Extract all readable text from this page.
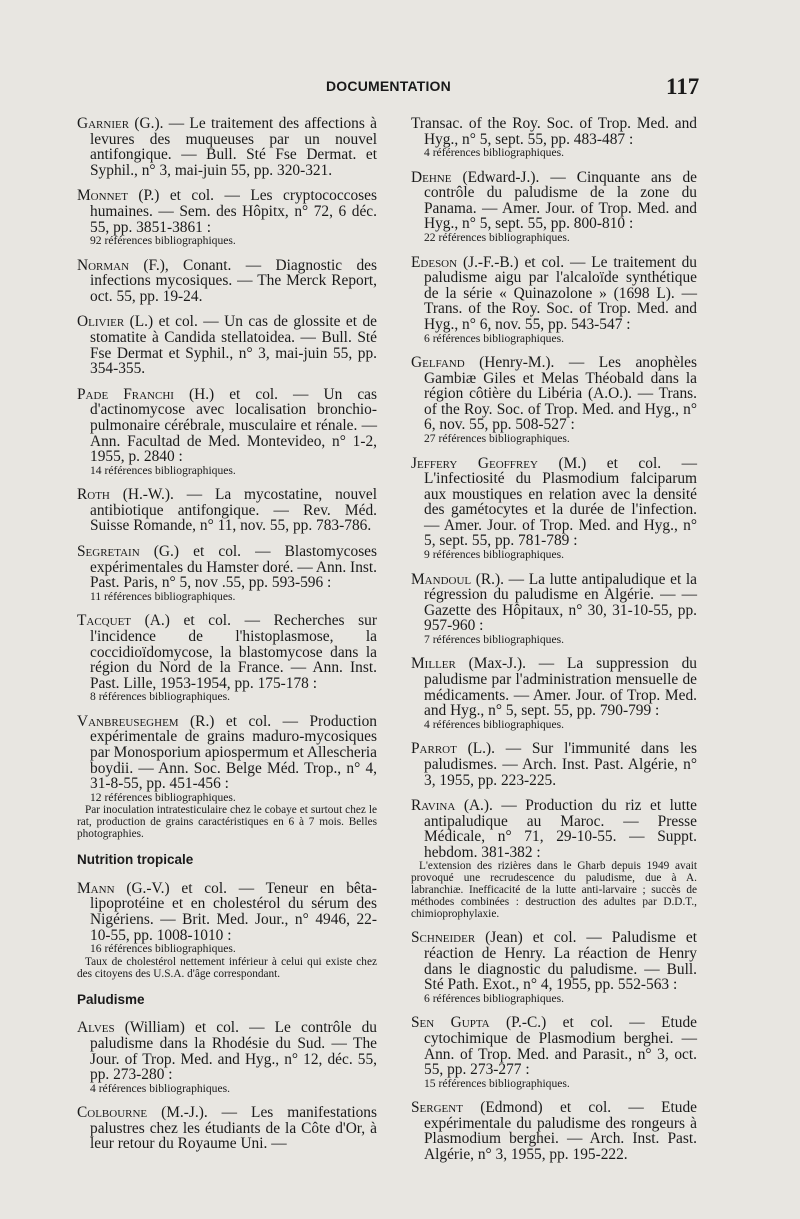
DOCUMENTATION	117
Garnier (G.). — Le traitement des affections à levures des muqueuses par un nouvel antifongique. — Bull. Sté Fse Dermat. et Syphil., n° 3, mai-juin 55, pp. 320-321.
Monnet (P.) et col. — Les cryptococcoses humaines. — Sem. des Hôpitx, n° 72, 6 déc. 55, pp. 3851-3861 :
92 références bibliographiques.
Norman (F.), Conant. — Diagnostic des infections mycosiques. — The Merck Report, oct. 55, pp. 19-24.
Olivier (L.) et col. — Un cas de glossite et de stomatite à Candida stellatoidea. — Bull. Sté Fse Dermat et Syphil., n° 3, mai-juin 55, pp. 354-355.
Pade Franchi (H.) et col. — Un cas d'actinomycose avec localisation bronchio-pulmonaire cérébrale, musculaire et rénale. — Ann. Facultad de Med. Montevideo, n° 1-2, 1955, p. 2840 :
14 références bibliographiques.
Roth (H.-W.). — La mycostatine, nouvel antibiotique antifongique. — Rev. Méd. Suisse Romande, n° 11, nov. 55, pp. 783-786.
Segretain (G.) et col. — Blastomycoses expérimentales du Hamster doré. — Ann. Inst. Past. Paris, n° 5, nov .55, pp. 593-596 :
11 références bibliographiques.
Tacquet (A.) et col. — Recherches sur l'incidence de l'histoplasmose, la coccidioïdomycose, la blastomycose dans la région du Nord de la France. — Ann. Inst. Past. Lille, 1953-1954, pp. 175-178 :
8 références bibliographiques.
Vanbreuseghem (R.) et col. — Production expérimentale de grains maduro-mycosiques par Monosporium apiospermum et Allescheria boydii. — Ann. Soc. Belge Méd. Trop., n° 4, 31-8-55, pp. 451-456 :
12 références bibliographiques.
Par inoculation intratesticulaire chez le cobaye et surtout chez le rat, production de grains caractéristiques en 6 à 7 mois. Belles photographies.
Nutrition tropicale
Mann (G.-V.) et col. — Teneur en bêta-lipoprotéine et en cholestérol du sérum des Nigériens. — Brit. Med. Jour., n° 4946, 22-10-55, pp. 1008-1010 :
16 références bibliographiques.
Taux de cholestérol nettement inférieur à celui qui existe chez des citoyens des U.S.A. d'âge correspondant.
Paludisme
Alves (William) et col. — Le contrôle du paludisme dans la Rhodésie du Sud. — The Jour. of Trop. Med. and Hyg., n° 12, déc. 55, pp. 273-280 :
4 références bibliographiques.
Colbourne (M.-J.). — Les manifestations palustres chez les étudiants de la Côte d'Or, à leur retour du Royaume Uni. —
Transac. of the Roy. Soc. of Trop. Med. and Hyg., n° 5, sept. 55, pp. 483-487 :
4 références bibliographiques.
Dehne (Edward-J.). — Cinquante ans de contrôle du paludisme de la zone du Panama. — Amer. Jour. of Trop. Med. and Hyg., n° 5, sept. 55, pp. 800-810 :
22 références bibliographiques.
Edeson (J.-F.-B.) et col. — Le traitement du paludisme aigu par l'alcaloïde synthétique de la série « Quinazolone » (1698 L). —Trans. of the Roy. Soc. of Trop. Med. and Hyg., n° 6, nov. 55, pp. 543-547 :
6 références bibliographiques.
Gelfand (Henry-M.). — Les anophèles Gambiæ Giles et Melas Théobald dans la région côtière du Libéria (A.O.). — Trans. of the Roy. Soc. of Trop. Med. and Hyg., n° 6, nov. 55, pp. 508-527 :
27 références bibliographiques.
Jeffery Geoffrey (M.) et col. — L'infectiosité du Plasmodium falciparum aux moustiques en relation avec la densité des gamétocytes et la durée de l'infection. — Amer. Jour. of Trop. Med. and Hyg., n° 5, sept. 55, pp. 781-789 :
9 références bibliographiques.
Mandoul (R.). — La lutte antipaludique et la régression du paludisme en Algérie. — —Gazette des Hôpitaux, n° 30, 31-10-55, pp. 957-960 :
7 références bibliographiques.
Miller (Max-J.). — La suppression du paludisme par l'administration mensuelle de médicaments. — Amer. Jour. of Trop. Med. and Hyg., n° 5, sept. 55, pp. 790-799 :
4 références bibliographiques.
Parrot (L.). — Sur l'immunité dans les paludismes. — Arch. Inst. Past. Algérie, n° 3, 1955, pp. 223-225.
Ravina (A.). — Production du riz et lutte antipaludique au Maroc. — Presse Médicale, n° 71, 29-10-55. — Suppt. hebdom. 381-382 :
L'extension des rizières dans le Gharb depuis 1949 avait provoqué une recrudescence du paludisme, due à A. labranchiæ. Inefficacité de la lutte anti-larvaire ; succès de méthodes combinées : destruction des adultes par D.D.T., chimioprophylaxie.
Schneider (Jean) et col. — Paludisme et réaction de Henry. La réaction de Henry dans le diagnostic du paludisme. — Bull. Sté Path. Exot., n° 4, 1955, pp. 552-563 :
6 références bibliographiques.
Sen Gupta (P.-C.) et col. — Etude cytochimique de Plasmodium berghei. — Ann. of Trop. Med. and Parasit., n° 3, oct. 55, pp. 273-277 :
15 références bibliographiques.
Sergent (Edmond) et col. — Etude expérimentale du paludisme des rongeurs à Plasmodium berghei. — Arch. Inst. Past. Algérie, n° 3, 1955, pp. 195-222.
